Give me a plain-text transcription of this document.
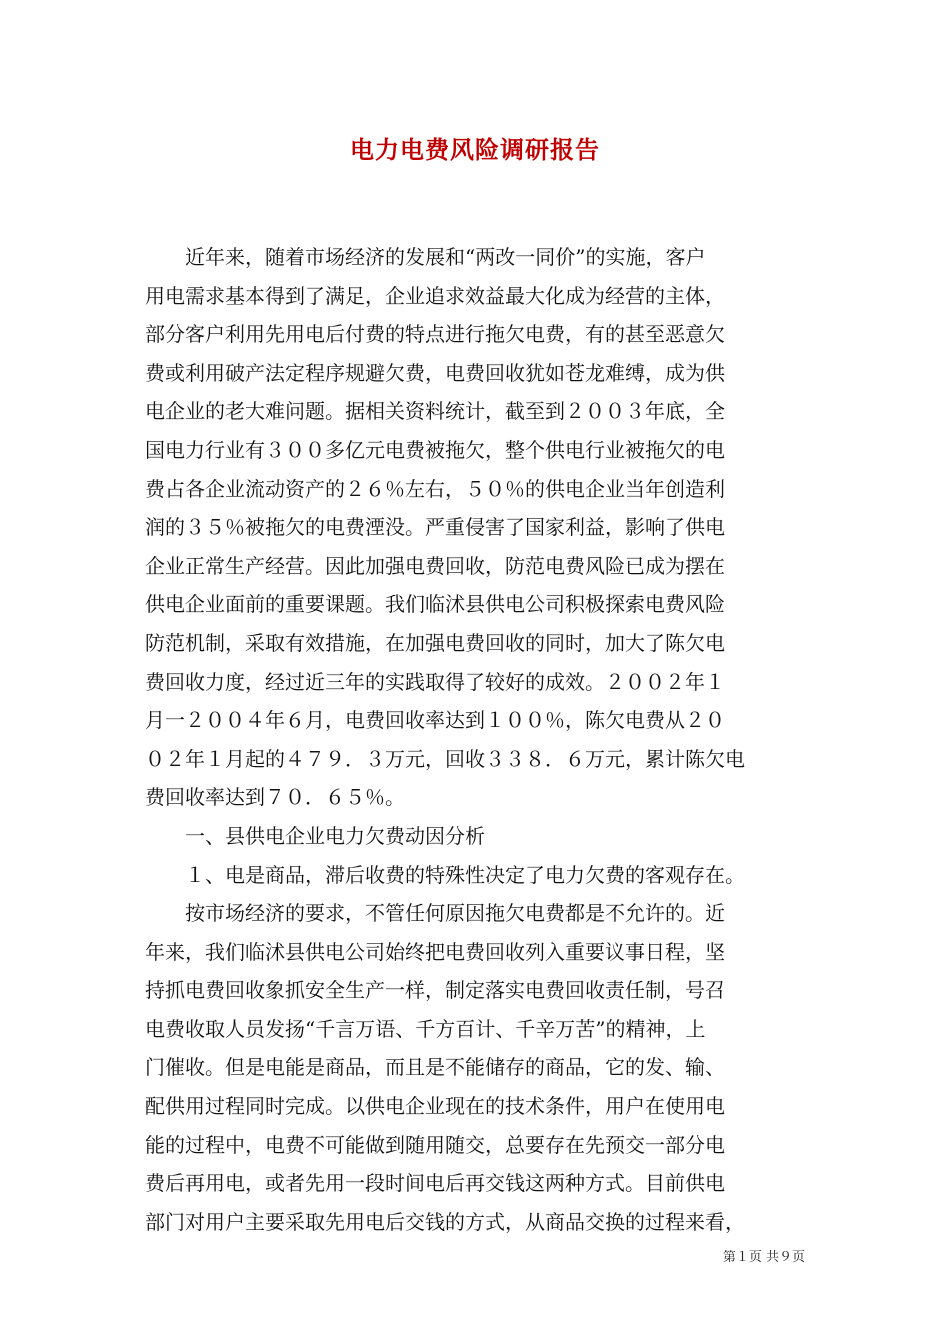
电力电费风险调研报告
　　近年来，随着市场经济的发展和“两改一同价”的实施，客户
用电需求基本得到了满足，企业追求效益最大化成为经营的主体，
部分客户利用先用电后付费的特点进行拖欠电费，有的甚至恶意欠
费或利用破产法定程序规避欠费，电费回收犹如苍龙难缚，成为供
电企业的老大难问题。据相关资料统计，截至到２００３年底，全
国电力行业有３００多亿元电费被拖欠，整个供电行业被拖欠的电
费占各企业流动资产的２６％左右，５０％的供电企业当年创造利
润的３５％被拖欠的电费湮没。严重侵害了国家利益，影响了供电
企业正常生产经营。因此加强电费回收，防范电费风险已成为摆在
供电企业面前的重要课题。我们临沭县供电公司积极探索电费风险
防范机制，采取有效措施，在加强电费回收的同时，加大了陈欠电
费回收力度，经过近三年的实践取得了较好的成效。２００２年１
月一２００４年６月，电费回收率达到１００％，陈欠电费从２０
０２年１月起的４７９．３万元，回收３３８．６万元，累计陈欠电
费回收率达到７０．６５％。
　　一、县供电企业电力欠费动因分析
　　１、电是商品，滞后收费的特殊性决定了电力欠费的客观存在。
　　按市场经济的要求，不管任何原因拖欠电费都是不允许的。近
年来，我们临沭县供电公司始终把电费回收列入重要议事日程，坚
持抓电费回收象抓安全生产一样，制定落实电费回收责任制，号召
电费收取人员发扬“千言万语、千方百计、千辛万苦”的精神，上
门催收。但是电能是商品，而且是不能储存的商品，它的发、输、
配供用过程同时完成。以供电企业现在的技术条件，用户在使用电
能的过程中，电费不可能做到随用随交，总要存在先预交一部分电
费后再用电，或者先用一段时间电后再交钱这两种方式。目前供电
部门对用户主要采取先用电后交钱的方式，从商品交换的过程来看，
第１页 共９页
